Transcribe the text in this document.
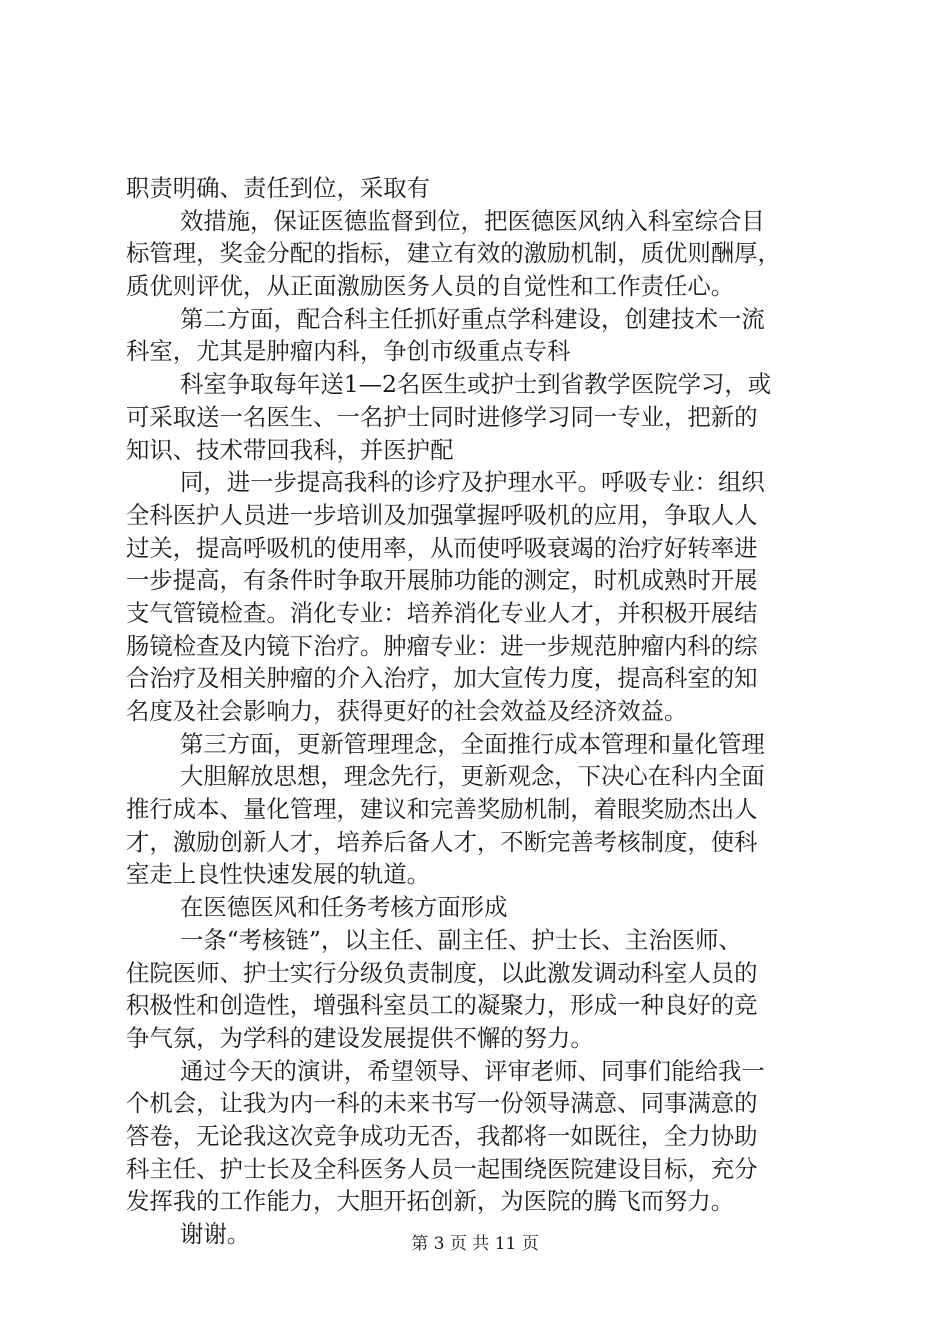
职责明确、责任到位，采取有
效措施，保证医德监督到位，把医德医风纳入科室综合目
标管理，奖金分配的指标，建立有效的激励机制，质优则酬厚，
质优则评优，从正面激励医务人员的自觉性和工作责任心。
第二方面，配合科主任抓好重点学科建设，创建技术一流
科室，尤其是肿瘤内科，争创市级重点专科
科室争取每年送1—2名医生或护士到省教学医院学习，或
可采取送一名医生、一名护士同时进修学习同一专业，把新的
知识、技术带回我科，并医护配
同，进一步提高我科的诊疗及护理水平。呼吸专业：组织
全科医护人员进一步培训及加强掌握呼吸机的应用，争取人人
过关，提高呼吸机的使用率，从而使呼吸衰竭的治疗好转率进
一步提高，有条件时争取开展肺功能的测定，时机成熟时开展
支气管镜检查。消化专业：培养消化专业人才，并积极开展结
肠镜检查及内镜下治疗。肿瘤专业：进一步规范肿瘤内科的综
合治疗及相关肿瘤的介入治疗，加大宣传力度，提高科室的知
名度及社会影响力，获得更好的社会效益及经济效益。
第三方面，更新管理理念，全面推行成本管理和量化管理
大胆解放思想，理念先行，更新观念，下决心在科内全面
推行成本、量化管理，建议和完善奖励机制，着眼奖励杰出人
才，激励创新人才，培养后备人才，不断完善考核制度，使科
室走上良性快速发展的轨道。
在医德医风和任务考核方面形成
一条“考核链”，以主任、副主任、护士长、主治医师、
住院医师、护士实行分级负责制度，以此激发调动科室人员的
积极性和创造性，增强科室员工的凝聚力，形成一种良好的竞
争气氛，为学科的建设发展提供不懈的努力。
通过今天的演讲，希望领导、评审老师、同事们能给我一
个机会，让我为内一科的未来书写一份领导满意、同事满意的
答卷，无论我这次竞争成功无否，我都将一如既往，全力协助
科主任、护士长及全科医务人员一起围绕医院建设目标，充分
发挥我的工作能力，大胆开拓创新，为医院的腾飞而努力。
谢谢。	第 3 页 共 11 页
